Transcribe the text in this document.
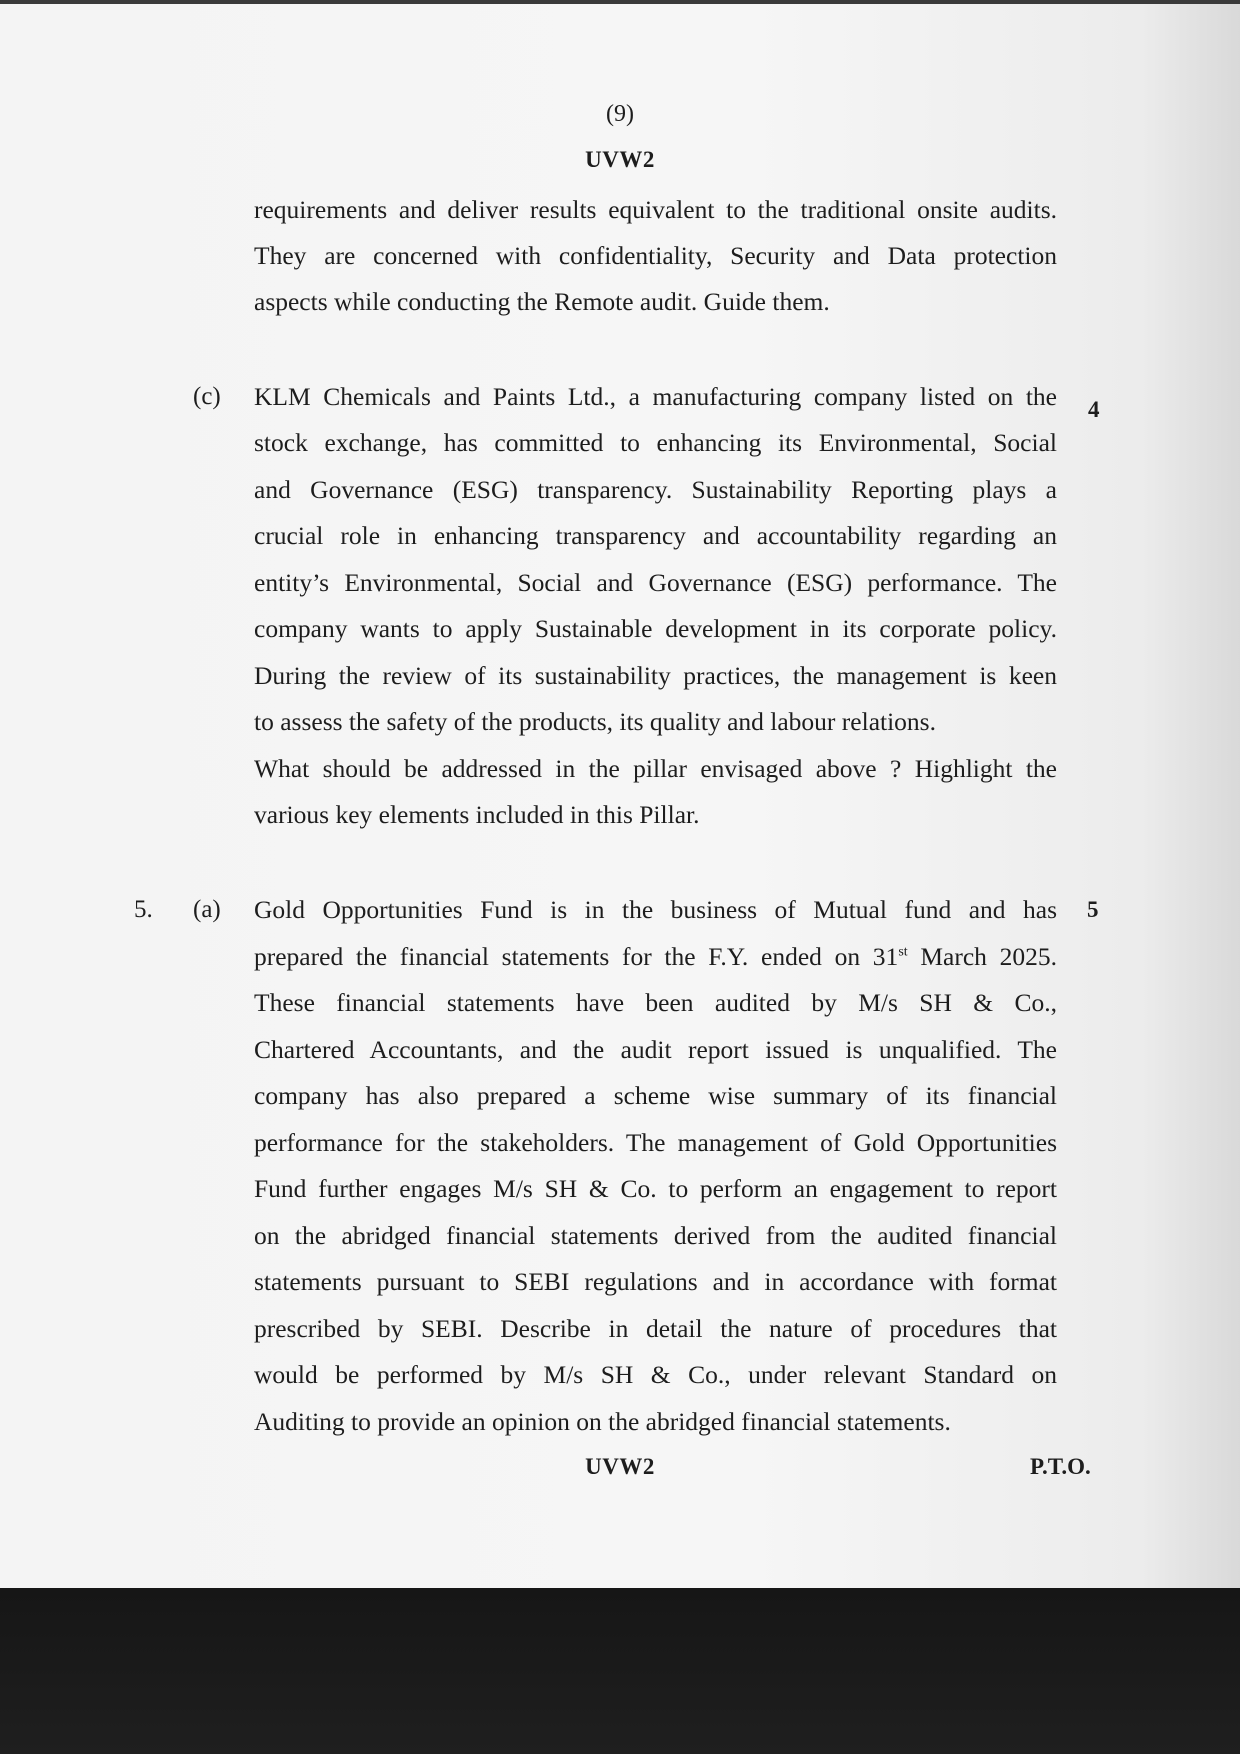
(9)
UVW2
requirements and deliver results equivalent to the traditional onsite audits.
They are concerned with confidentiality, Security and Data protection
aspects while conducting the Remote audit. Guide them.
(c)	4
KLM Chemicals and Paints Ltd., a manufacturing company listed on the
stock exchange, has committed to enhancing its Environmental, Social
and Governance (ESG) transparency. Sustainability Reporting plays a
crucial role in enhancing transparency and accountability regarding an
entity’s Environmental, Social and Governance (ESG) performance. The
company wants to apply Sustainable development in its corporate policy.
During the review of its sustainability practices, the management is keen
to assess the safety of the products, its quality and labour relations.
What should be addressed in the pillar envisaged above ? Highlight the
various key elements included in this Pillar.
5. (a)	5
Gold Opportunities Fund is in the business of Mutual fund and has
prepared the financial statements for the F.Y. ended on 31st March 2025.
These financial statements have been audited by M/s SH & Co.,
Chartered Accountants, and the audit report issued is unqualified. The
company has also prepared a scheme wise summary of its financial
performance for the stakeholders. The management of Gold Opportunities
Fund further engages M/s SH & Co. to perform an engagement to report
on the abridged financial statements derived from the audited financial
statements pursuant to SEBI regulations and in accordance with format
prescribed by SEBI. Describe in detail the nature of procedures that
would be performed by M/s SH & Co., under relevant Standard on
Auditing to provide an opinion on the abridged financial statements.
UVW2	P.T.O.
